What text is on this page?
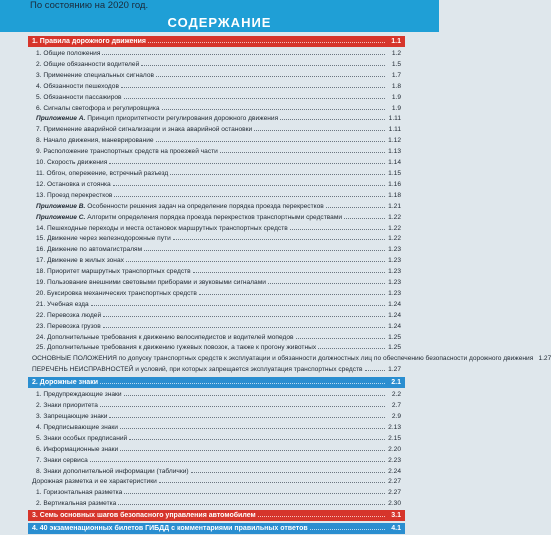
По состоянию на 2020 год.
СОДЕРЖАНИЕ
1. Правила дорожного движения	1.1
1. Общие положения	1.2
2. Общие обязанности водителей	1.5
3. Применение специальных сигналов	1.7
4. Обязанности пешеходов	1.8
5. Обязанности пассажиров	1.9
6. Сигналы светофора и регулировщика	1.9
Приложение А. Принцип приоритетности регулирования дорожного движения	1.11
7. Применение аварийной сигнализации и знака аварийной остановки	1.11
8. Начало движения, маневрирование	1.12
9. Расположение транспортных средств на проезжей части	1.13
10. Скорость движения	1.14
11. Обгон, опережение, встречный разъезд	1.15
12. Остановка и стоянка	1.16
13. Проезд перекрестков	1.18
Приложение В. Особенности решения задач на определение порядка проезда перекрестков	1.21
Приложение С. Алгоритм определения порядка проезда перекрестков транспортными средствами	1.22
14. Пешеходные переходы и места остановок маршрутных транспортных средств	1.22
15. Движение через железнодорожные пути	1.22
16. Движение по автомагистралям	1.23
17. Движение в жилых зонах	1.23
18. Приоритет маршрутных транспортных средств	1.23
19. Пользование внешними световыми приборами и звуковыми сигналами	1.23
20. Буксировка механических транспортных средств	1.23
21. Учебная езда	1.24
22. Перевозка людей	1.24
23. Перевозка грузов	1.24
24. Дополнительные требования к движению велосипедистов и водителей мопедов	1.25
25. Дополнительные требования к движению гужевых повозок, а также к прогону животных	1.25
ОСНОВНЫЕ ПОЛОЖЕНИЯ по допуску транспортных средств к эксплуатации и обязанности должностных лиц по обеспечению безопасности дорожного движения 1.27
ПЕРЕЧЕНЬ НЕИСПРАВНОСТЕЙ и условий, при которых запрещается эксплуатация транспортных средств	1.27
2. Дорожные знаки	2.1
1. Предупреждающие знаки	2.2
2. Знаки приоритета	2.7
3. Запрещающие знаки	2.9
4. Предписывающие знаки	2.13
5. Знаки особых предписаний	2.15
6. Информационные знаки	2.20
7. Знаки сервиса	2.23
8. Знаки дополнительной информации (таблички)	2.24
Дорожная разметка и ее характеристики	2.27
1. Горизонтальная разметка	2.27
2. Вертикальная разметка	2.30
3. Семь основных шагов безопасного управления автомобилем	3.1
4. 40 экзаменационных билетов ГИБДД с комментариями правильных ответов	4.1
